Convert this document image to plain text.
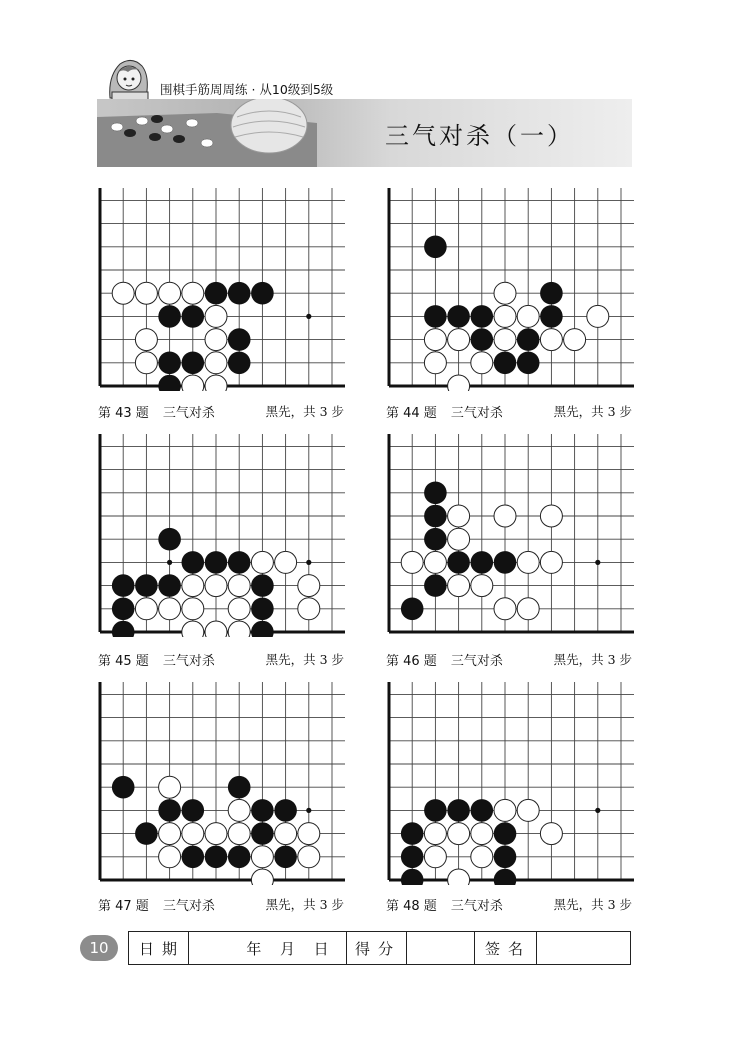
围棋手筋周周练 · 从10级到5级
三气对杀（一）
第 43 题 三气对杀	黑先，共 3 步	第 44 题 三气对杀	黑先，共 3 步
第 45 题 三气对杀	黑先，共 3 步	第 46 题 三气对杀	黑先，共 3 步
第 47 题 三气对杀	黑先，共 3 步	第 48 题 三气对杀	黑先，共 3 步
10	日期	年 月 日	得分	签名
